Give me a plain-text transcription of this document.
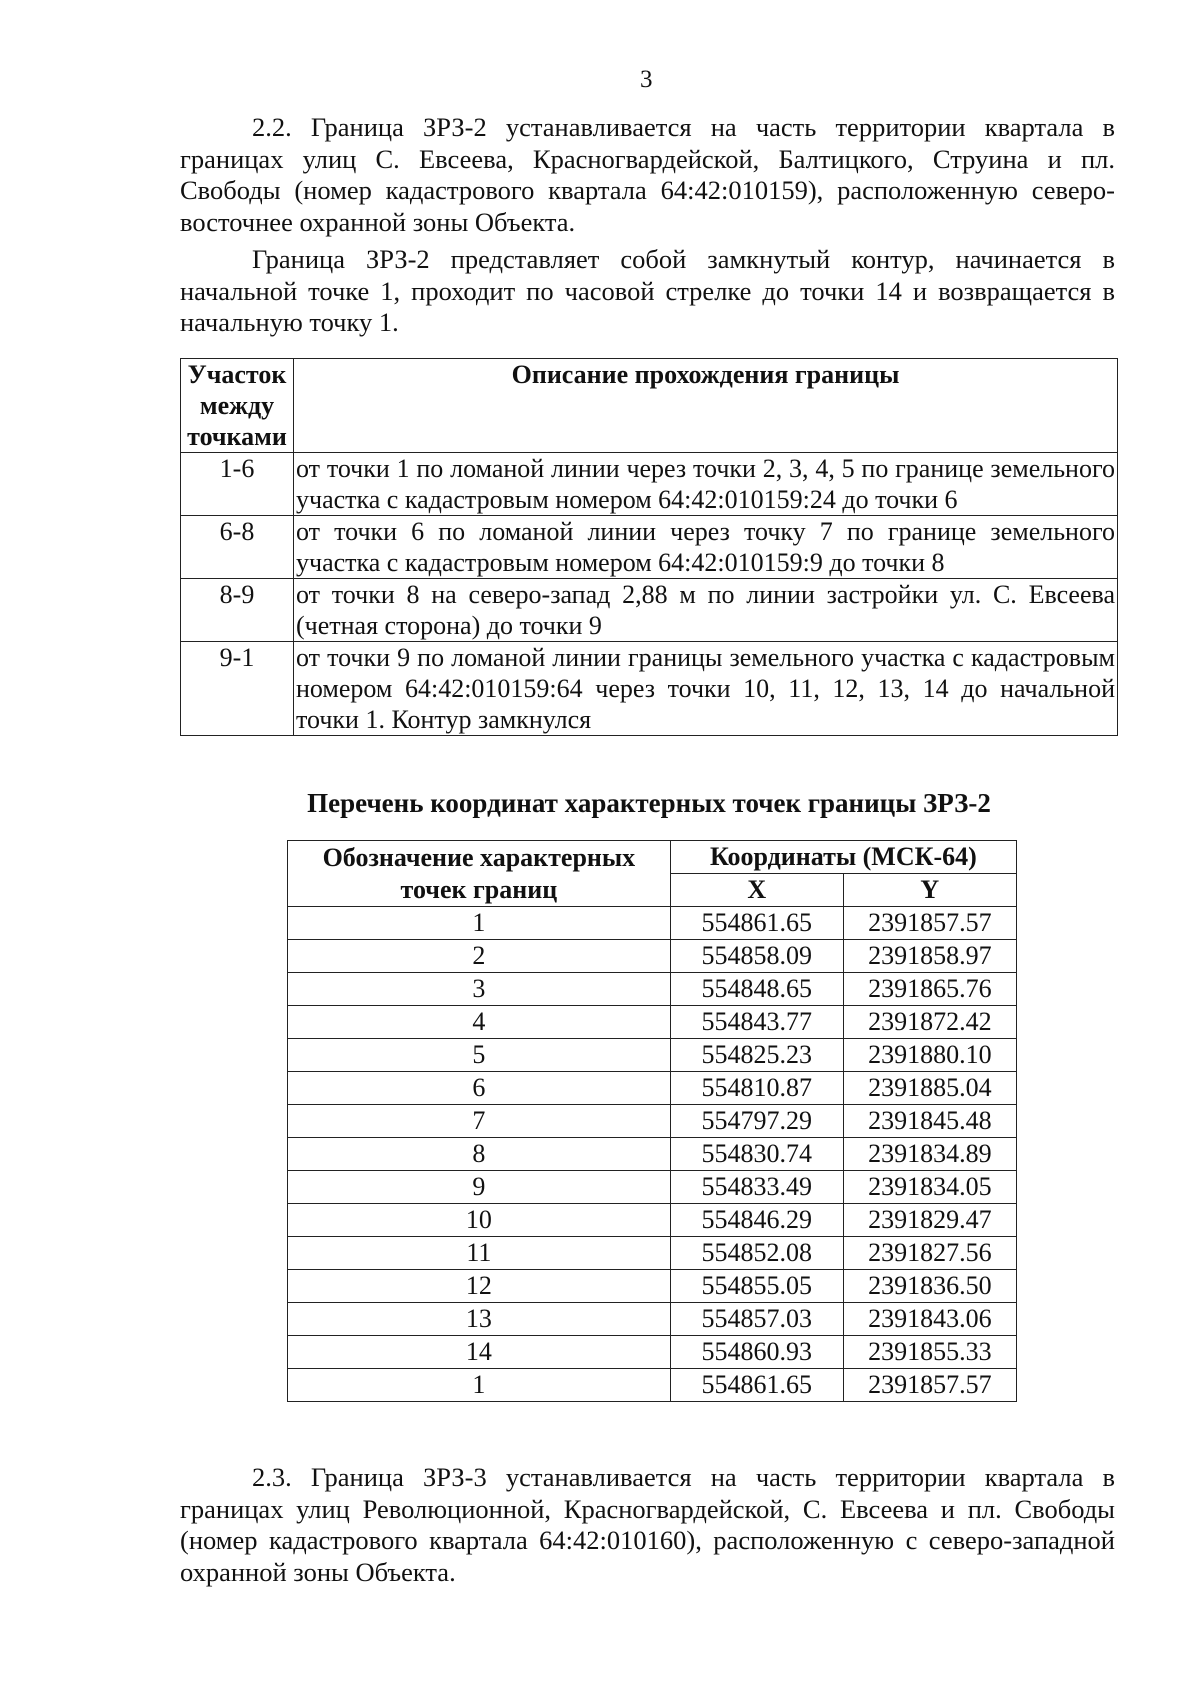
3

2.2. Граница ЗРЗ-2 устанавливается на часть территории квартала в границах улиц С. Евсеева, Красногвардейской, Балтицкого, Струина и пл. Свободы (номер кадастрового квартала 64:42:010159), расположенную северо-восточнее охранной зоны Объекта.

Граница ЗРЗ-2 представляет собой замкнутый контур, начинается в начальной точке 1, проходит по часовой стрелке до точки 14 и возвращается в начальную точку 1.

Участок между точками	Описание прохождения границы
1-6	от точки 1 по ломаной линии через точки 2, 3, 4, 5 по границе земельного участка с кадастровым номером 64:42:010159:24 до точки 6
6-8	от точки 6 по ломаной линии через точку 7 по границе земельного участка с кадастровым номером 64:42:010159:9 до точки 8
8-9	от точки 8 на северо-запад 2,88 м по линии застройки ул. С. Евсеева (четная сторона) до точки 9
9-1	от точки 9 по ломаной линии границы земельного участка с кадастровым номером 64:42:010159:64 через точки 10, 11, 12, 13, 14 до начальной точки 1. Контур замкнулся
Перечень координат характерных точек границы ЗРЗ-2
Обозначение характерных точек границ	Координаты (МСК-64)	
	X	Y
1	554861.65	2391857.57
2	554858.09	2391858.97
3	554848.65	2391865.76
4	554843.77	2391872.42
5	554825.23	2391880.10
6	554810.87	2391885.04
7	554797.29	2391845.48
8	554830.74	2391834.89
9	554833.49	2391834.05
10	554846.29	2391829.47
11	554852.08	2391827.56
12	554855.05	2391836.50
13	554857.03	2391843.06
14	554860.93	2391855.33
1	554861.65	2391857.57

2.3. Граница ЗРЗ-3 устанавливается на часть территории квартала в границах улиц Революционной, Красногвардейской, С. Евсеева и пл. Свободы (номер кадастрового квартала 64:42:010160), расположенную с северо-западной охранной зоны Объекта.
